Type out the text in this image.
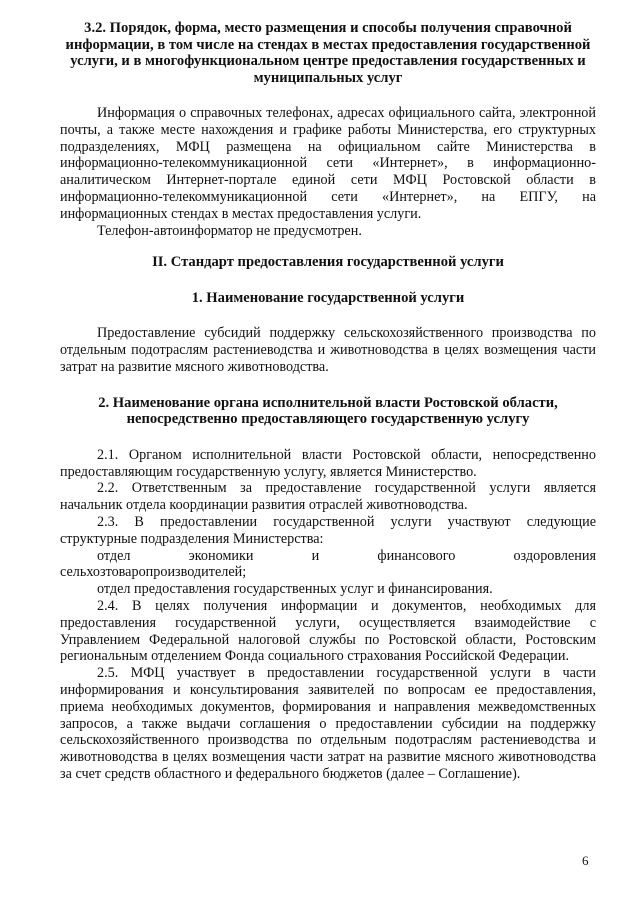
3.2. Порядок, форма, место размещения и способы получения справочной информации, в том числе на стендах в местах предоставления государственной услуги, и в многофункциональном центре предоставления государственных и муниципальных услуг

Информация о справочных телефонах, адресах официального сайта, электронной почты, а также месте нахождения и графике работы Министерства, его структурных подразделениях, МФЦ размещена на официальном сайте Министерства в информационно-телекоммуникационной сети «Интернет», в информационно-аналитическом Интернет-портале единой сети МФЦ Ростовской области в информационно-телекоммуникационной сети «Интернет», на ЕПГУ, на информационных стендах в местах предоставления услуги.

Телефон-автоинформатор не предусмотрен.

II. Стандарт предоставления государственной услуги

1. Наименование государственной услуги

Предоставление субсидий поддержку сельскохозяйственного производства по отдельным подотраслям растениеводства и животноводства в целях возмещения части затрат на развитие мясного животноводства.

2. Наименование органа исполнительной власти Ростовской области, непосредственно предоставляющего государственную услугу

2.1. Органом исполнительной власти Ростовской области, непосредственно предоставляющим государственную услугу, является Министерство.

2.2. Ответственным за предоставление государственной услуги является начальник отдела координации развития отраслей животноводства.

2.3. В предоставлении государственной услуги участвуют следующие структурные подразделения Министерства:

отдел экономики и финансового оздоровления

сельхозтоваропроизводителей;

отдел предоставления государственных услуг и финансирования.

2.4. В целях получения информации и документов, необходимых для предоставления государственной услуги, осуществляется взаимодействие с Управлением Федеральной налоговой службы по Ростовской области, Ростовским региональным отделением Фонда социального страхования Российской Федерации.

2.5. МФЦ участвует в предоставлении государственной услуги в части информирования и консультирования заявителей по вопросам ее предоставления, приема необходимых документов, формирования и направления межведомственных запросов, а также выдачи соглашения о предоставлении субсидии на поддержку сельскохозяйственного производства по отдельным подотраслям растениеводства и животноводства в целях возмещения части затрат на развитие мясного животноводства за счет средств областного и федерального бюджетов (далее – Соглашение).

6
